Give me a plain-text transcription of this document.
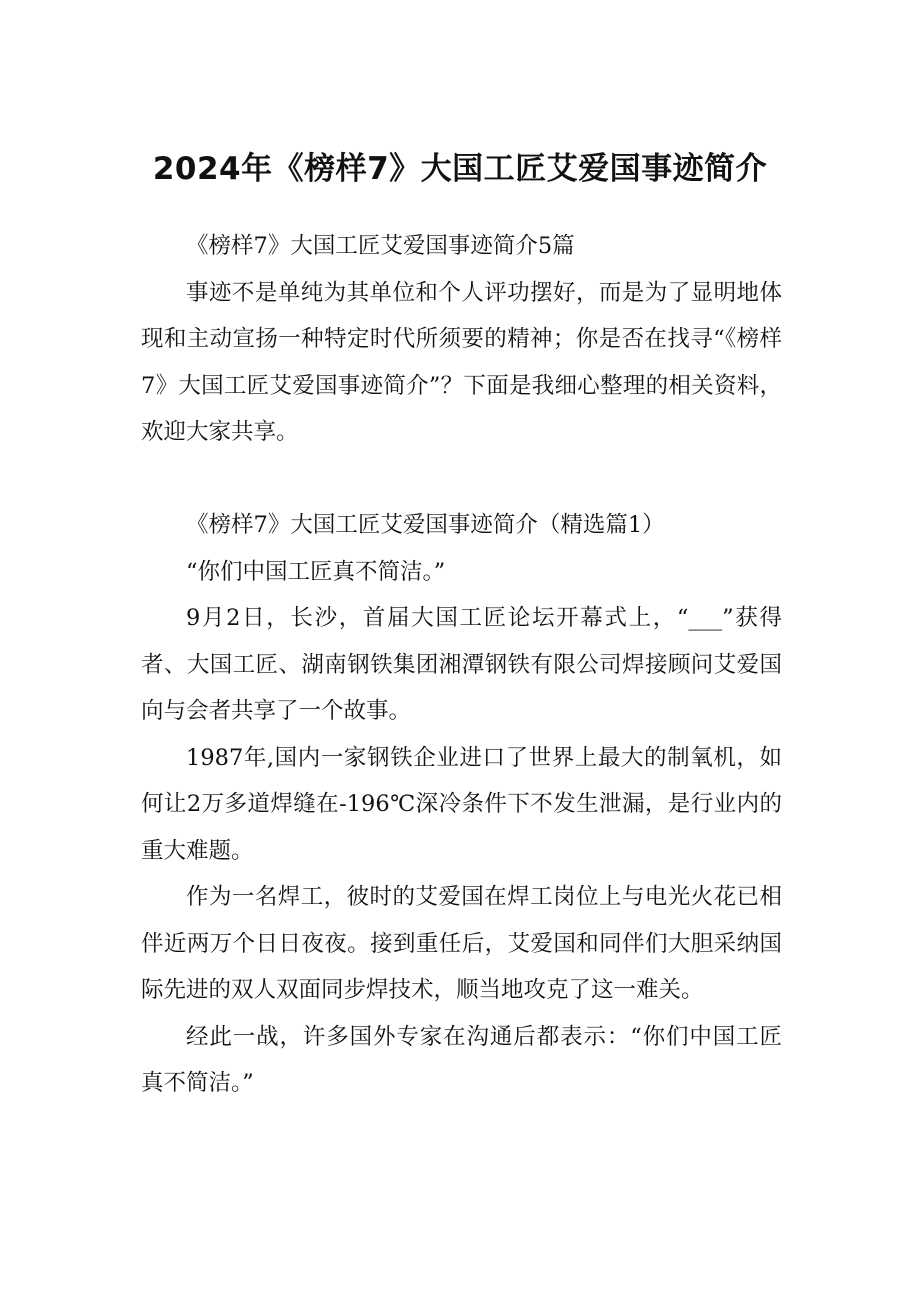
2024年《榜样7》大国工匠艾爱国事迹简介

《榜样7》大国工匠艾爱国事迹简介5篇

事迹不是单纯为其单位和个人评功摆好，而是为了显明地体现和主动宣扬一种特定时代所须要的精神；你是否在找寻“《榜样7》大国工匠艾爱国事迹简介”？下面是我细心整理的相关资料，欢迎大家共享。

《榜样7》大国工匠艾爱国事迹简介（精选篇1）

“你们中国工匠真不简洁。”

9月2日，长沙，首届大国工匠论坛开幕式上，“___”获得者、大国工匠、湖南钢铁集团湘潭钢铁有限公司焊接顾问艾爱国向与会者共享了一个故事。

1987年,国内一家钢铁企业进口了世界上最大的制氧机，如何让2万多道焊缝在-196℃深冷条件下不发生泄漏，是行业内的重大难题。

作为一名焊工，彼时的艾爱国在焊工岗位上与电光火花已相伴近两万个日日夜夜。接到重任后，艾爱国和同伴们大胆采纳国际先进的双人双面同步焊技术，顺当地攻克了这一难关。

经此一战，许多国外专家在沟通后都表示：“你们中国工匠真不简洁。”
